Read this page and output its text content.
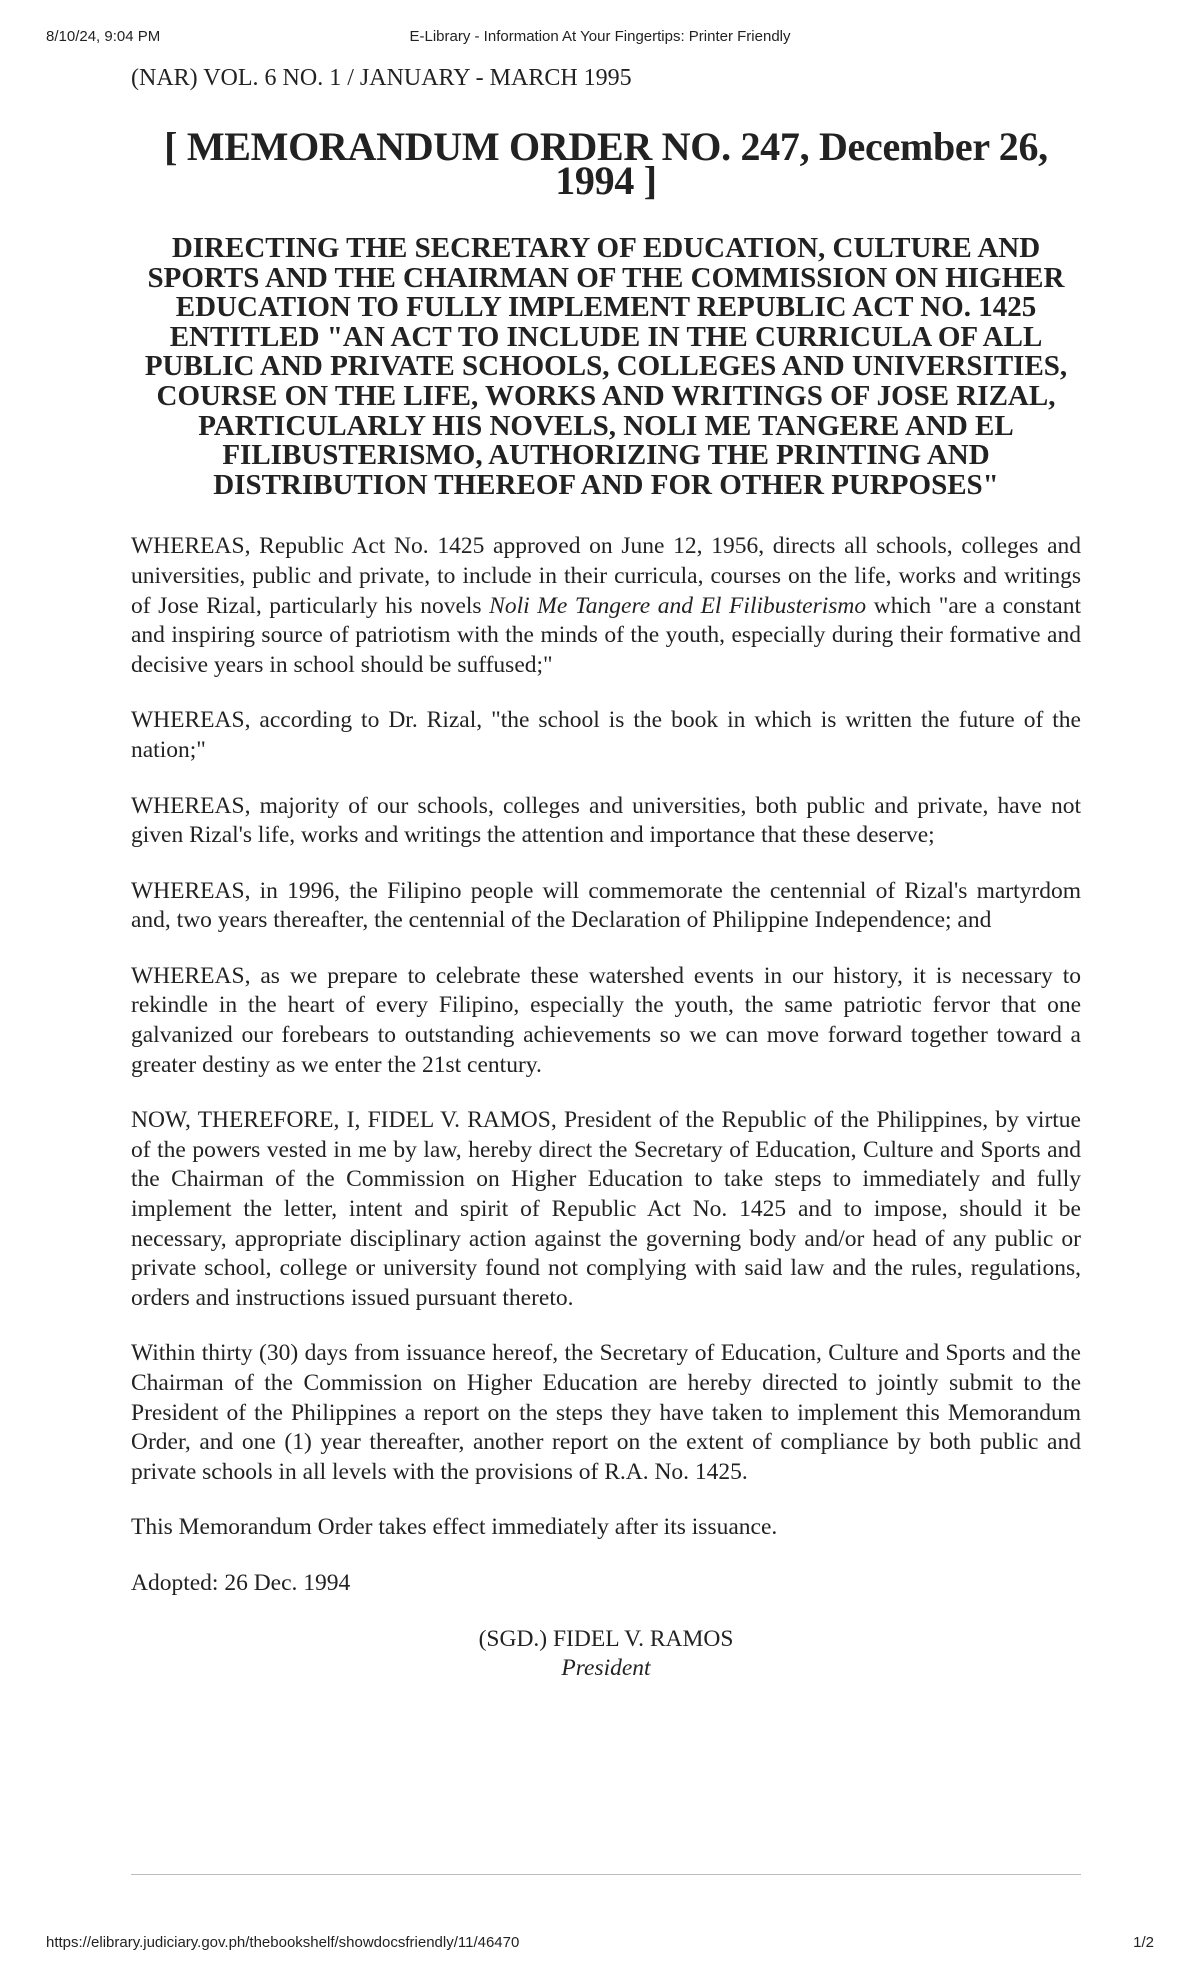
8/10/24, 9:04 PM	E-Library - Information At Your Fingertips: Printer Friendly
(NAR) VOL. 6 NO. 1 / JANUARY - MARCH 1995
[ MEMORANDUM ORDER NO. 247, December 26, 1994 ]
DIRECTING THE SECRETARY OF EDUCATION, CULTURE AND SPORTS AND THE CHAIRMAN OF THE COMMISSION ON HIGHER EDUCATION TO FULLY IMPLEMENT REPUBLIC ACT NO. 1425 ENTITLED "AN ACT TO INCLUDE IN THE CURRICULA OF ALL PUBLIC AND PRIVATE SCHOOLS, COLLEGES AND UNIVERSITIES, COURSE ON THE LIFE, WORKS AND WRITINGS OF JOSE RIZAL, PARTICULARLY HIS NOVELS, NOLI ME TANGERE AND EL FILIBUSTERISMO, AUTHORIZING THE PRINTING AND DISTRIBUTION THEREOF AND FOR OTHER PURPOSES"

WHEREAS, Republic Act No. 1425 approved on June 12, 1956, directs all schools, colleges and universities, public and private, to include in their curricula, courses on the life, works and writings of Jose Rizal, particularly his novels Noli Me Tangere and El Filibusterismo which "are a constant and inspiring source of patriotism with the minds of the youth, especially during their formative and decisive years in school should be suffused;"

WHEREAS, according to Dr. Rizal, "the school is the book in which is written the future of the nation;"

WHEREAS, majority of our schools, colleges and universities, both public and private, have not given Rizal's life, works and writings the attention and importance that these deserve;

WHEREAS, in 1996, the Filipino people will commemorate the centennial of Rizal's martyrdom and, two years thereafter, the centennial of the Declaration of Philippine Independence; and

WHEREAS, as we prepare to celebrate these watershed events in our history, it is necessary to rekindle in the heart of every Filipino, especially the youth, the same patriotic fervor that one galvanized our forebears to outstanding achievements so we can move forward together toward a greater destiny as we enter the 21st century.

NOW, THEREFORE, I, FIDEL V. RAMOS, President of the Republic of the Philippines, by virtue of the powers vested in me by law, hereby direct the Secretary of Education, Culture and Sports and the Chairman of the Commission on Higher Education to take steps to immediately and fully implement the letter, intent and spirit of Republic Act No. 1425 and to impose, should it be necessary, appropriate disciplinary action against the governing body and/or head of any public or private school, college or university found not complying with said law and the rules, regulations, orders and instructions issued pursuant thereto.

Within thirty (30) days from issuance hereof, the Secretary of Education, Culture and Sports and the Chairman of the Commission on Higher Education are hereby directed to jointly submit to the President of the Philippines a report on the steps they have taken to implement this Memorandum Order, and one (1) year thereafter, another report on the extent of compliance by both public and private schools in all levels with the provisions of R.A. No. 1425.

This Memorandum Order takes effect immediately after its issuance.

Adopted: 26 Dec. 1994

(SGD.) FIDEL V. RAMOS
President
https://elibrary.judiciary.gov.ph/thebookshelf/showdocsfriendly/11/46470	1/2
